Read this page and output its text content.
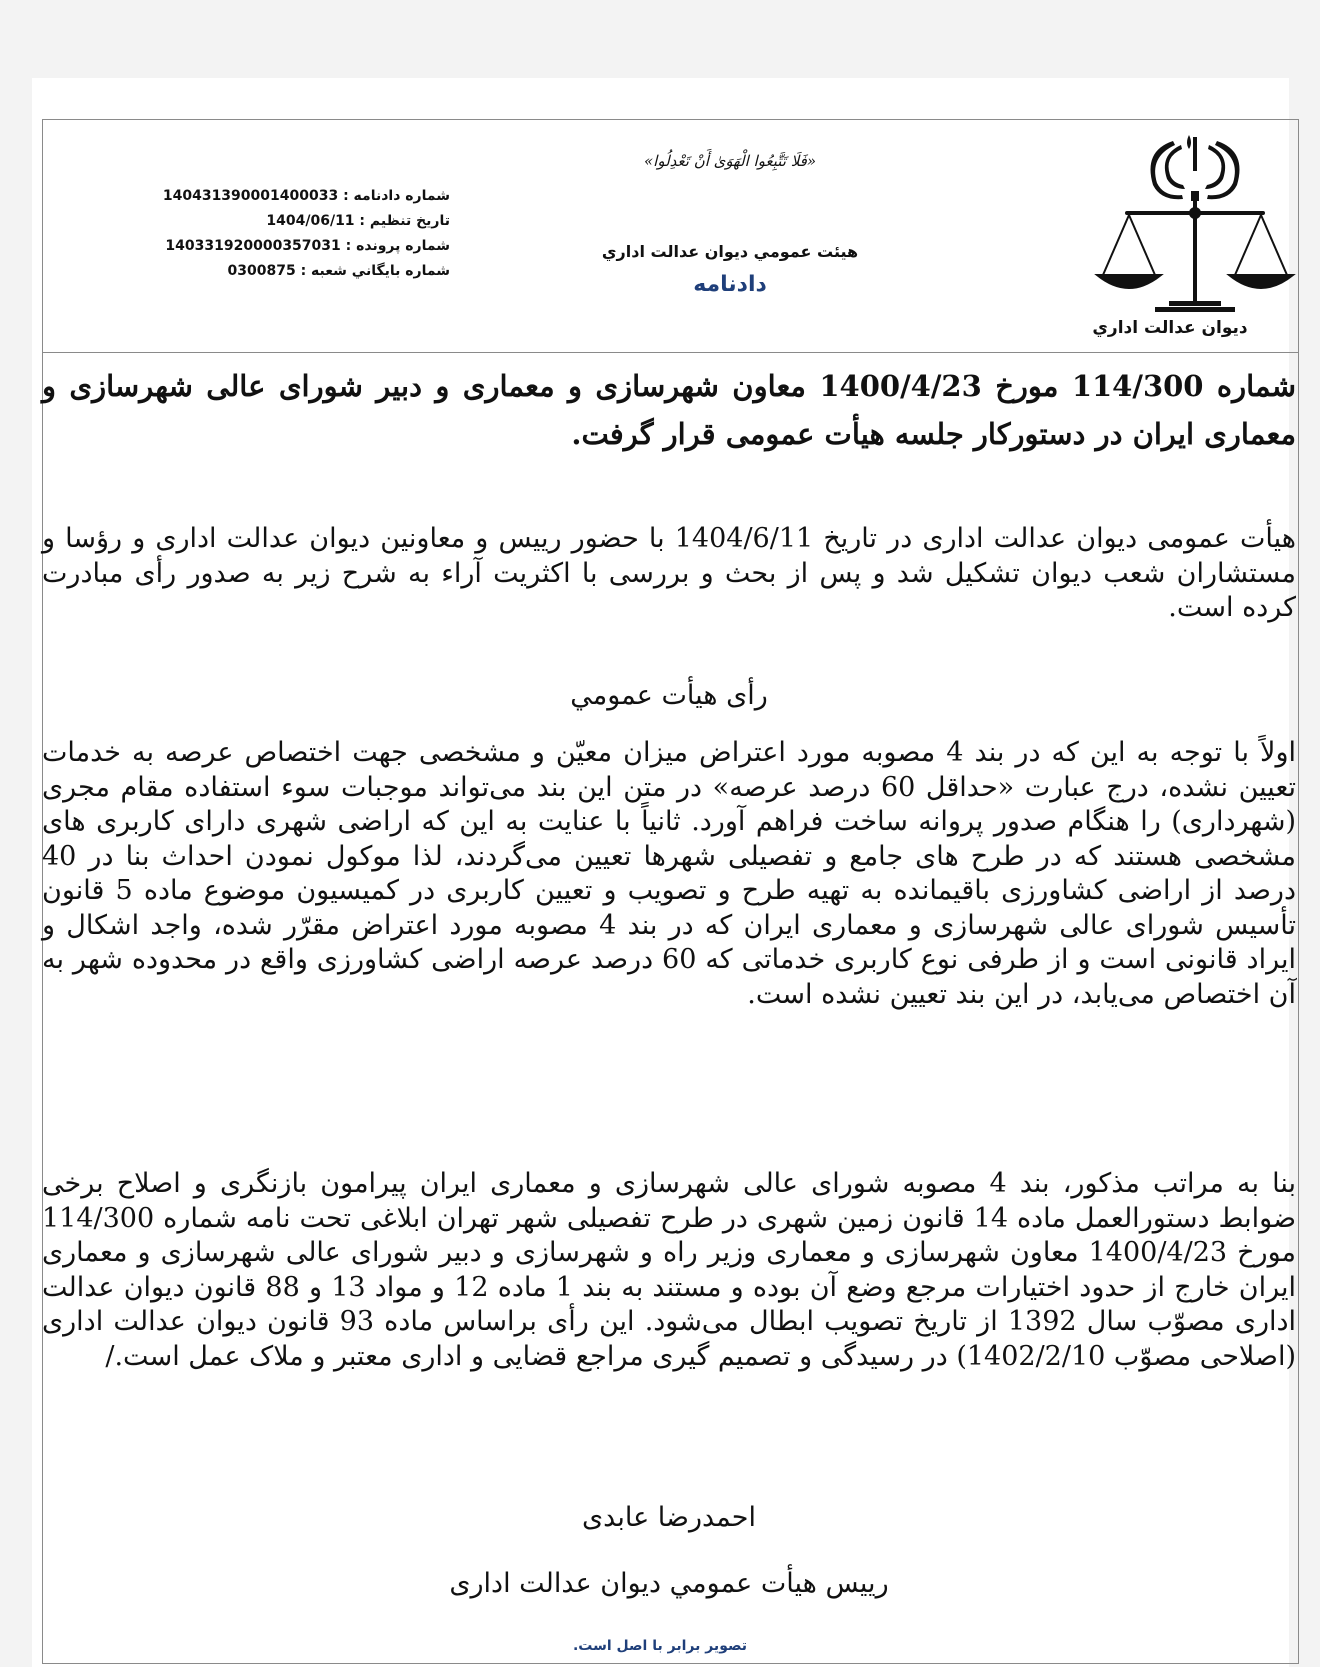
ديوان عدالت اداري
«فَلَا تَتَّبِعُوا الْهَوَىٰ أَنْ تَعْدِلُوا»
هيئت عمومي ديوان عدالت اداري
دادنامه
شماره دادنامه : 140431390001400033
تاريخ تنظيم : 1404/06/11
شماره پرونده : 140331920000357031
شماره بايگاني شعبه : 0300875
شماره 114/300 مورخ 1400/4/23 معاون شهرسازی و معماری و دبیر شورای عالی شهرسازی و معماری ایران در دستورکار جلسه هیأت عمومی قرار گرفت.
هیأت عمومی دیوان عدالت اداری در تاریخ 1404/6/11 با حضور رییس و معاونین دیوان عدالت اداری و رؤسا و مستشاران شعب دیوان تشکیل شد و پس از بحث و بررسی با اکثریت آراء به شرح زیر به صدور رأی مبادرت کرده است.
رأی هیأت عمومي
اولاً با توجه به این که در بند 4 مصوبه مورد اعتراض میزان معیّن و مشخصی جهت اختصاص عرصه به خدمات تعیین نشده، درج عبارت «حداقل 60 درصد عرصه» در متن این بند می‌تواند موجبات سوء استفاده مقام مجری (شهرداری) را هنگام صدور پروانه ساخت فراهم آورد. ثانیاً با عنایت به این که اراضی شهری دارای کاربری های مشخصی هستند که در طرح های جامع و تفصیلی شهرها تعیین می‌گردند، لذا موکول نمودن احداث بنا در 40 درصد از اراضی کشاورزی باقیمانده به تهیه طرح و تصویب و تعیین کاربری در کمیسیون موضوع ماده 5 قانون تأسیس شورای عالی شهرسازی و معماری ایران که در بند 4 مصوبه مورد اعتراض مقرّر شده، واجد اشکال و ایراد قانونی است و از طرفی نوع کاربری خدماتی که 60 درصد عرصه اراضی کشاورزی واقع در محدوده شهر به آن اختصاص می‌یابد، در این بند تعیین نشده است.
بنا به مراتب مذکور، بند 4 مصوبه شورای عالی شهرسازی و معماری ایران پیرامون بازنگری و اصلاح برخی ضوابط دستورالعمل ماده 14 قانون زمین شهری در طرح تفصیلی شهر تهران ابلاغی تحت نامه شماره 114/300 مورخ 1400/4/23 معاون شهرسازی و معماری وزیر راه و شهرسازی و دبیر شورای عالی شهرسازی و معماری ایران خارج از حدود اختیارات مرجع وضع آن بوده و مستند به بند 1 ماده 12 و مواد 13 و 88 قانون دیوان عدالت اداری مصوّب سال 1392 از تاریخ تصویب ابطال می‌شود. این رأی براساس ماده 93 قانون دیوان عدالت اداری (اصلاحی مصوّب 1402/2/10) در رسیدگی و تصمیم گیری مراجع قضایی و اداری معتبر و ملاک عمل است./
احمدرضا عابدی
رییس هیأت عمومي ديوان عدالت اداری
تصوير برابر با اصل است.
